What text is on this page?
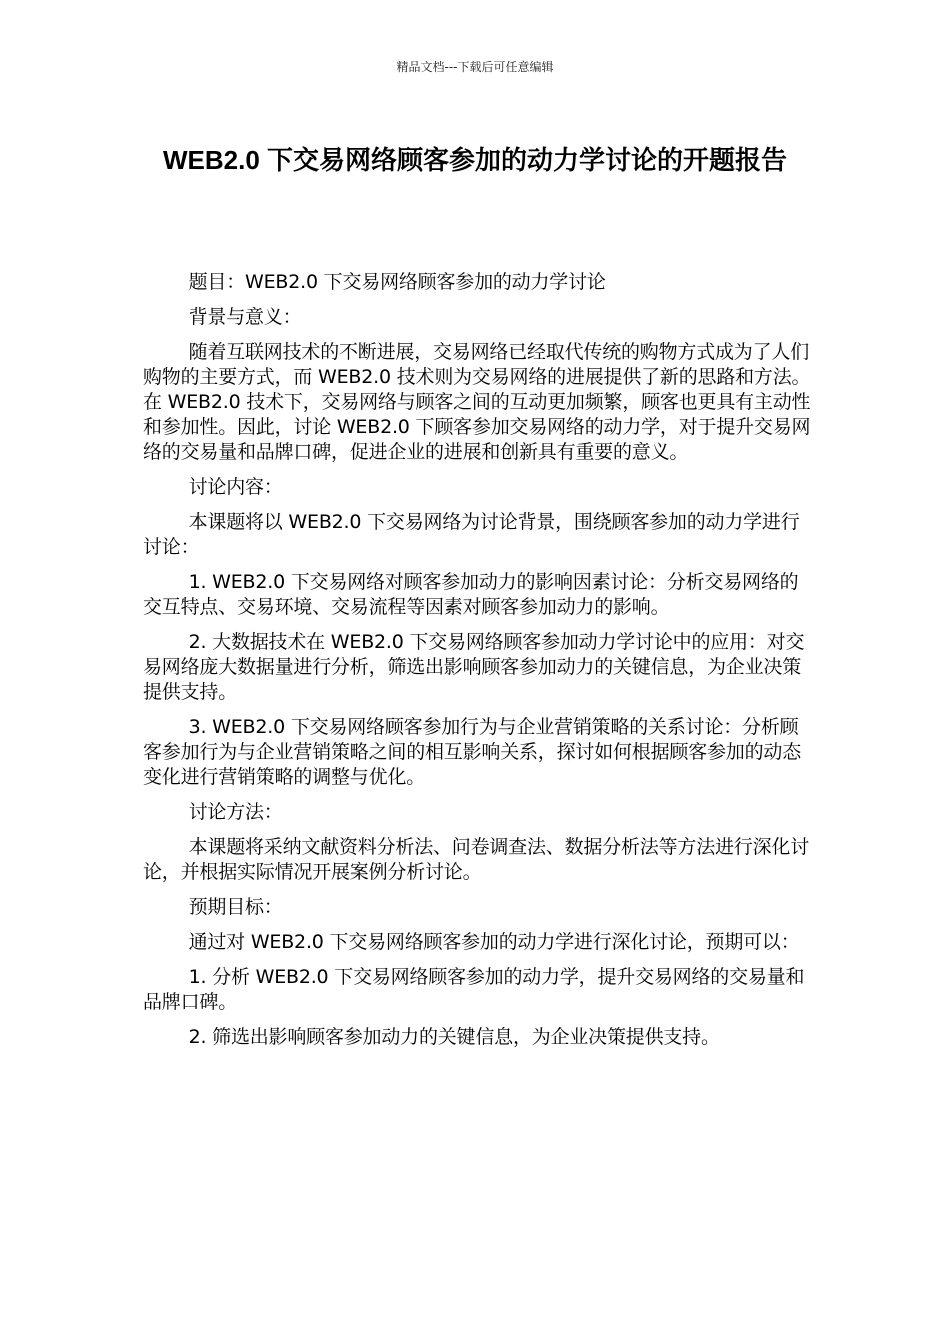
精品文档---下载后可任意编辑
WEB2.0 下交易网络顾客参加的动力学讨论的开题报告

题目：WEB2.0 下交易网络顾客参加的动力学讨论

背景与意义：

随着互联网技术的不断进展，交易网络已经取代传统的购物方式成为了人们购物的主要方式，而 WEB2.0 技术则为交易网络的进展提供了新的思路和方法。在 WEB2.0 技术下，交易网络与顾客之间的互动更加频繁，顾客也更具有主动性和参加性。因此，讨论 WEB2.0 下顾客参加交易网络的动力学，对于提升交易网络的交易量和品牌口碑，促进企业的进展和创新具有重要的意义。

讨论内容：

本课题将以 WEB2.0 下交易网络为讨论背景，围绕顾客参加的动力学进行讨论：

1. WEB2.0 下交易网络对顾客参加动力的影响因素讨论：分析交易网络的交互特点、交易环境、交易流程等因素对顾客参加动力的影响。

2. 大数据技术在 WEB2.0 下交易网络顾客参加动力学讨论中的应用：对交易网络庞大数据量进行分析，筛选出影响顾客参加动力的关键信息，为企业决策提供支持。

3. WEB2.0 下交易网络顾客参加行为与企业营销策略的关系讨论：分析顾客参加行为与企业营销策略之间的相互影响关系，探讨如何根据顾客参加的动态变化进行营销策略的调整与优化。

讨论方法：

本课题将采纳文献资料分析法、问卷调查法、数据分析法等方法进行深化讨论，并根据实际情况开展案例分析讨论。

预期目标：

通过对 WEB2.0 下交易网络顾客参加的动力学进行深化讨论，预期可以：

1. 分析 WEB2.0 下交易网络顾客参加的动力学，提升交易网络的交易量和品牌口碑。

2. 筛选出影响顾客参加动力的关键信息，为企业决策提供支持。
